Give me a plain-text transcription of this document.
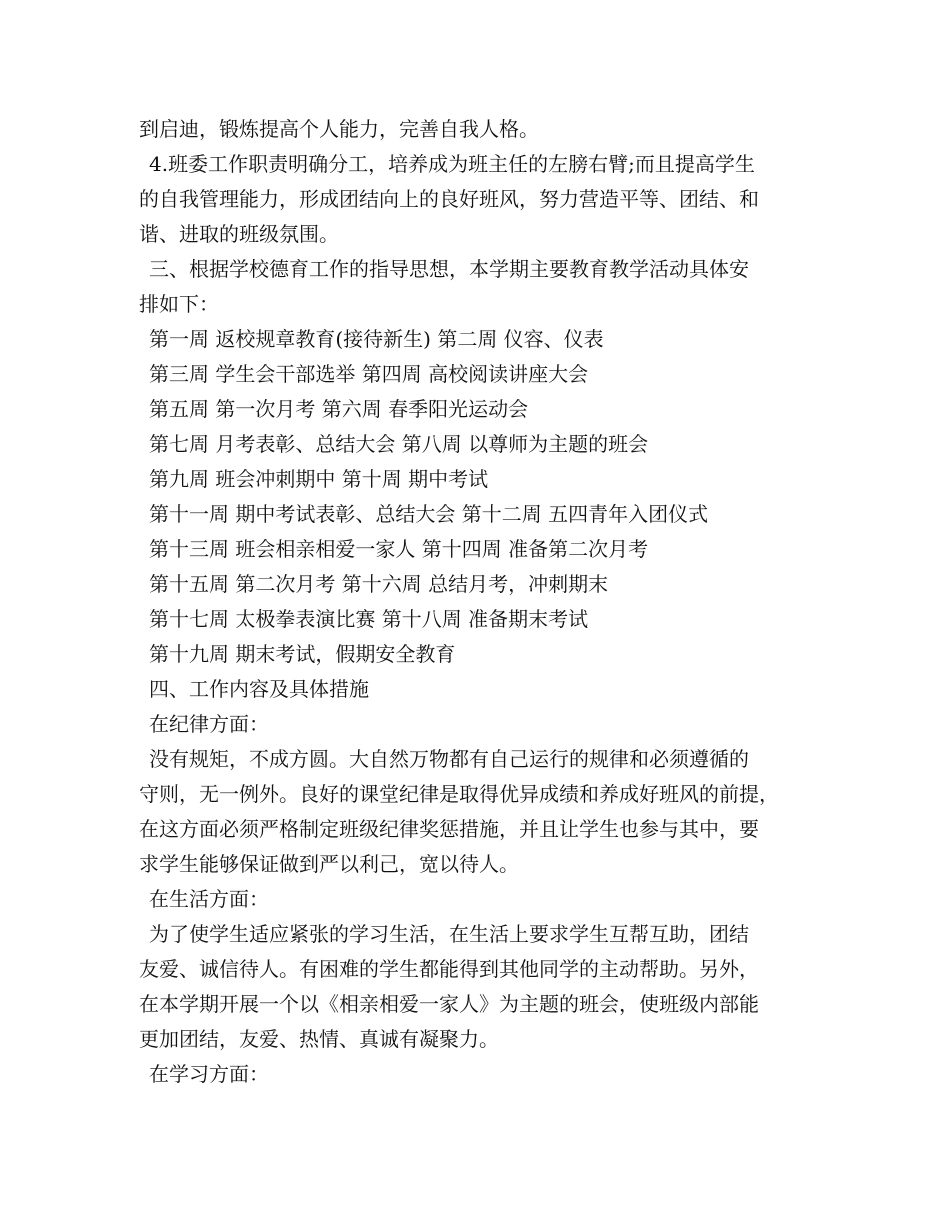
到启迪，锻炼提高个人能力，完善自我人格。
4.班委工作职责明确分工，培养成为班主任的左膀右臂;而且提高学生
的自我管理能力，形成团结向上的良好班风，努力营造平等、团结、和
谐、进取的班级氛围。
三、根据学校德育工作的指导思想，本学期主要教育教学活动具体安
排如下：
第一周 返校规章教育(接待新生) 第二周 仪容、仪表
第三周 学生会干部选举 第四周 高校阅读讲座大会
第五周 第一次月考 第六周 春季阳光运动会
第七周 月考表彰、总结大会 第八周 以尊师为主题的班会
第九周 班会冲刺期中 第十周 期中考试
第十一周 期中考试表彰、总结大会 第十二周 五四青年入团仪式
第十三周 班会相亲相爱一家人 第十四周 准备第二次月考
第十五周 第二次月考 第十六周 总结月考，冲刺期末
第十七周 太极拳表演比赛 第十八周 准备期末考试
第十九周 期末考试，假期安全教育
四、工作内容及具体措施
在纪律方面：
没有规矩，不成方圆。大自然万物都有自己运行的规律和必须遵循的
守则，无一例外。良好的课堂纪律是取得优异成绩和养成好班风的前提，
在这方面必须严格制定班级纪律奖惩措施，并且让学生也参与其中，要
求学生能够保证做到严以利己，宽以待人。
在生活方面：
为了使学生适应紧张的学习生活，在生活上要求学生互帮互助，团结
友爱、诚信待人。有困难的学生都能得到其他同学的主动帮助。另外，
在本学期开展一个以《相亲相爱一家人》为主题的班会，使班级内部能
更加团结，友爱、热情、真诚有凝聚力。
在学习方面：
